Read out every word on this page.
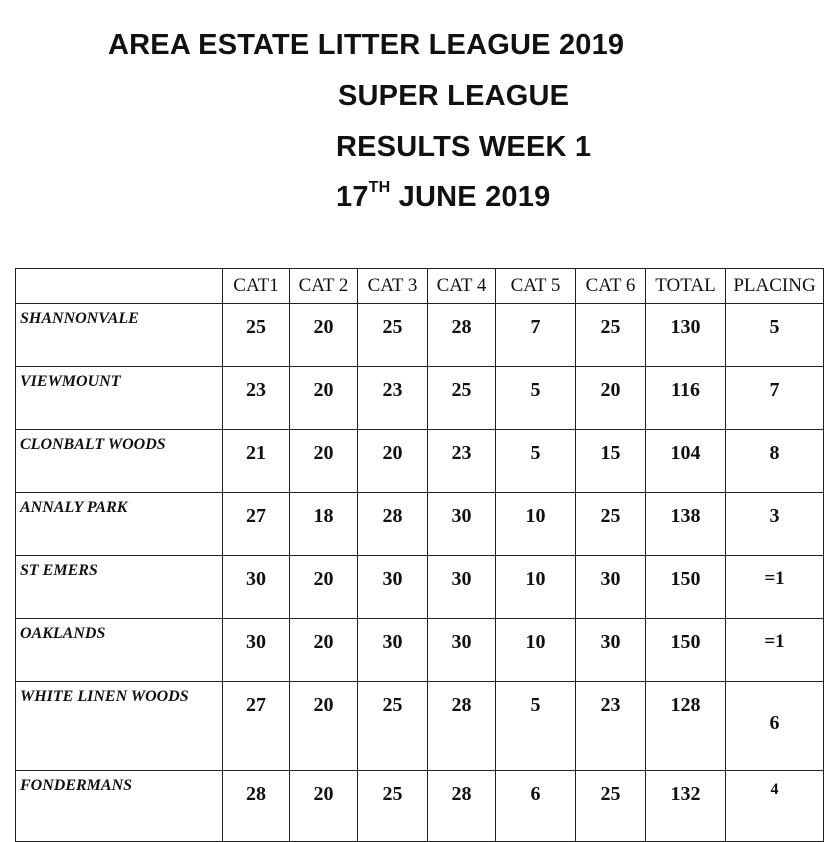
AREA ESTATE LITTER LEAGUE 2019
SUPER LEAGUE
RESULTS WEEK 1
17TH JUNE 2019
	CAT1	CAT 2	CAT 3	CAT 4	CAT 5	CAT 6	TOTAL	PLACING
SHANNONVALE	25	20	25	28	7	25	130	5
VIEWMOUNT	23	20	23	25	5	20	116	7
CLONBALT WOODS	21	20	20	23	5	15	104	8
ANNALY PARK	27	18	28	30	10	25	138	3
ST EMERS	30	20	30	30	10	30	150	=1
OAKLANDS	30	20	30	30	10	30	150	=1
WHITE LINEN WOODS	27	20	25	28	5	23	128	6
FONDERMANS	28	20	25	28	6	25	132	4
